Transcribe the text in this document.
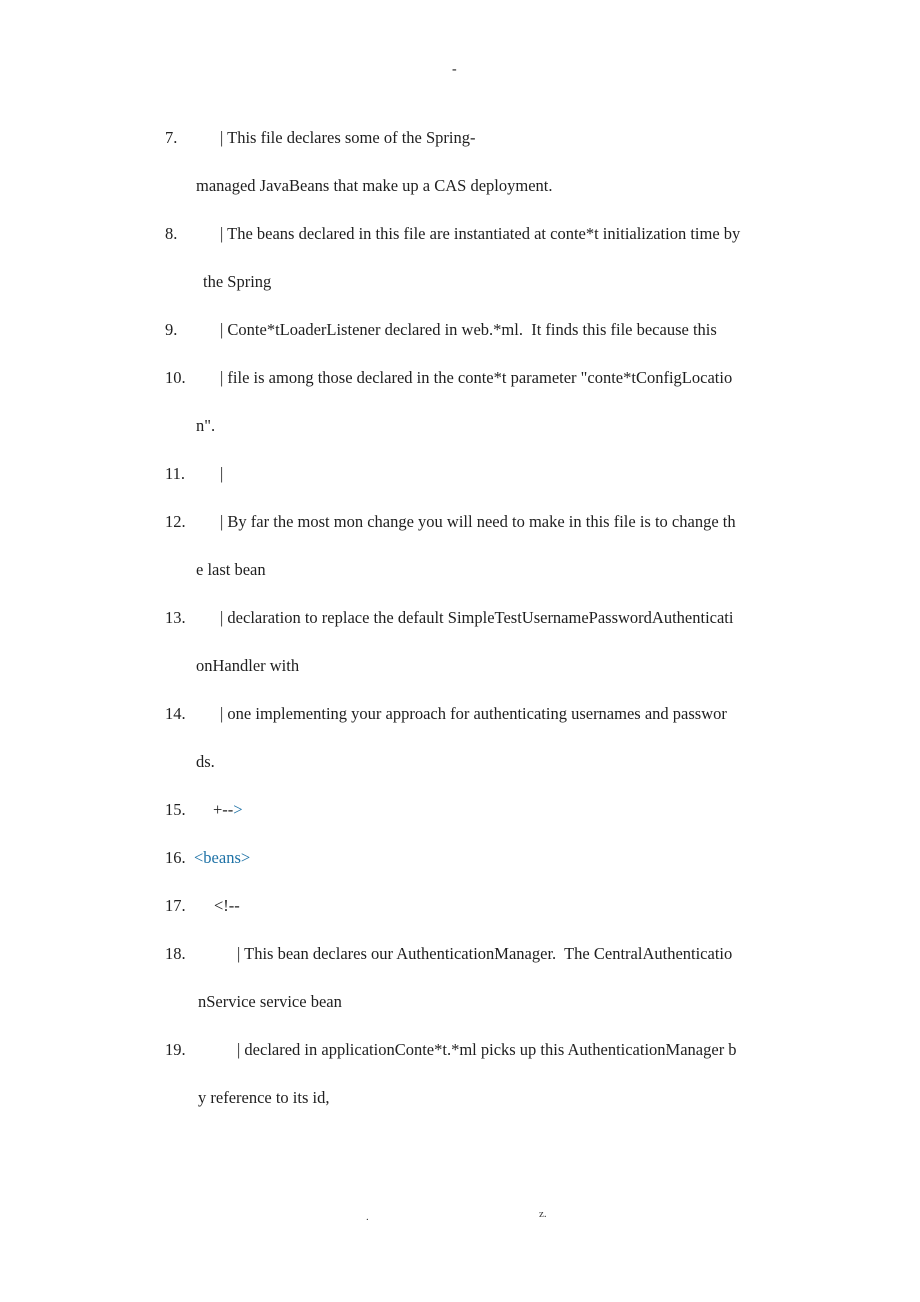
-
7.	| This file declares some of the Spring-
managed JavaBeans that make up a CAS deployment.
8.	| The beans declared in this file are instantiated at conte*t initialization time by
the Spring
9.	| Conte*tLoaderListener declared in web.*ml.  It finds this file because this
10. | file is among those declared in the conte*t parameter "conte*tConfigLocatio
n".
11. |
12. | By far the most mon change you will need to make in this file is to change th
e last bean
13. | declaration to replace the default SimpleTestUsernamePasswordAuthenticati
onHandler with
14. | one implementing your approach for authenticating usernames and passwor
ds.
15. +-->
16. <beans>
17. <!--
18.	| This bean declares our AuthenticationManager.  The CentralAuthenticatio
nService service bean
19.	| declared in applicationConte*t.*ml picks up this AuthenticationManager b
y reference to its id,
.	z.
